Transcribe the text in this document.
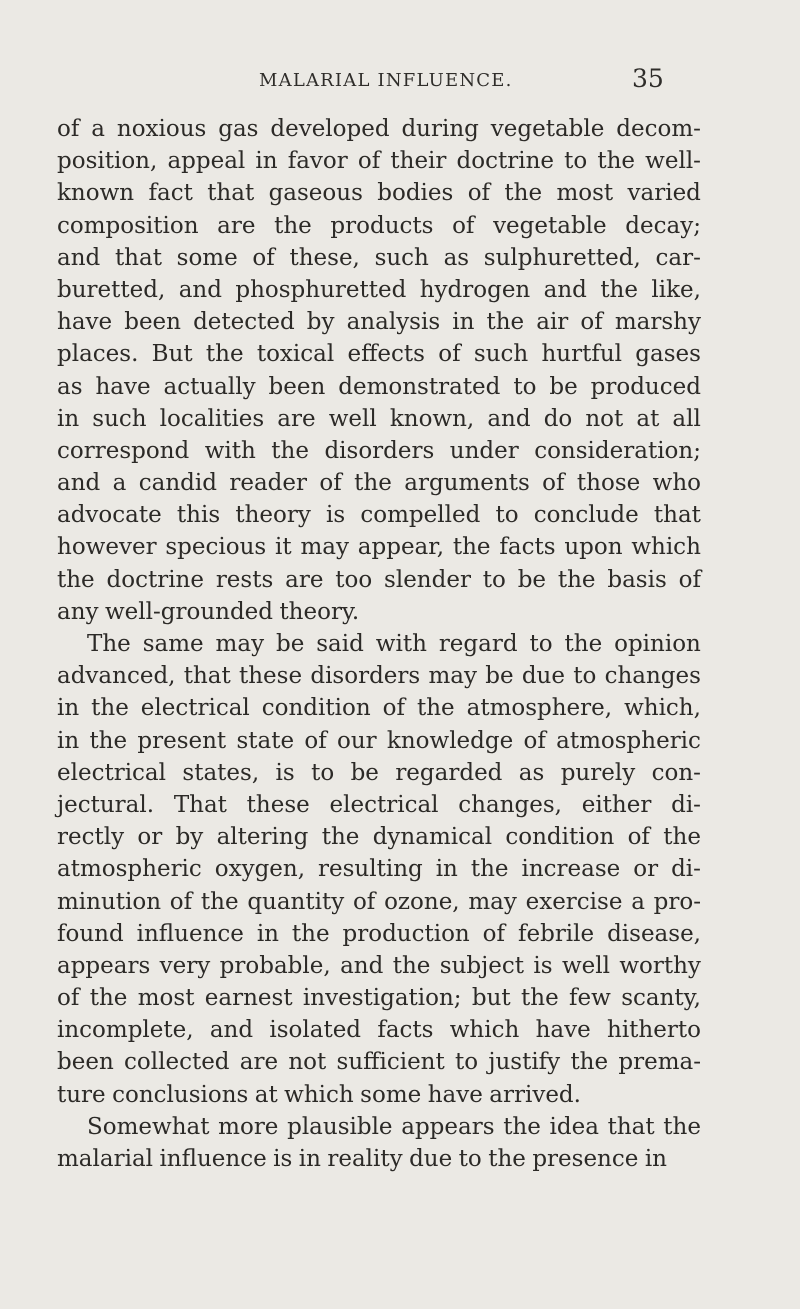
MALARIAL INFLUENCE.	35
of a noxious gas developed during vegetable decom-
position, appeal in favor of their doctrine to the well-
known fact that gaseous bodies of the most varied
composition are the products of vegetable decay;
and that some of these, such as sulphuretted, car-
buretted, and phosphuretted hydrogen and the like,
have been detected by analysis in the air of marshy
places. But the toxical effects of such hurtful gases
as have actually been demonstrated to be produced
in such localities are well known, and do not at all
correspond with the disorders under consideration;
and a candid reader of the arguments of those who
advocate this theory is compelled to conclude that
however specious it may appear, the facts upon which
the doctrine rests are too slender to be the basis of
any well-grounded theory.
The same may be said with regard to the opinion
advanced, that these disorders may be due to changes
in the electrical condition of the atmosphere, which,
in the present state of our knowledge of atmospheric
electrical states, is to be regarded as purely con-
jectural. That these electrical changes, either di-
rectly or by altering the dynamical condition of the
atmospheric oxygen, resulting in the increase or di-
minution of the quantity of ozone, may exercise a pro-
found influence in the production of febrile disease,
appears very probable, and the subject is well worthy
of the most earnest investigation; but the few scanty,
incomplete, and isolated facts which have hitherto
been collected are not sufficient to justify the prema-
ture conclusions at which some have arrived.
Somewhat more plausible appears the idea that the
malarial influence is in reality due to the presence in
